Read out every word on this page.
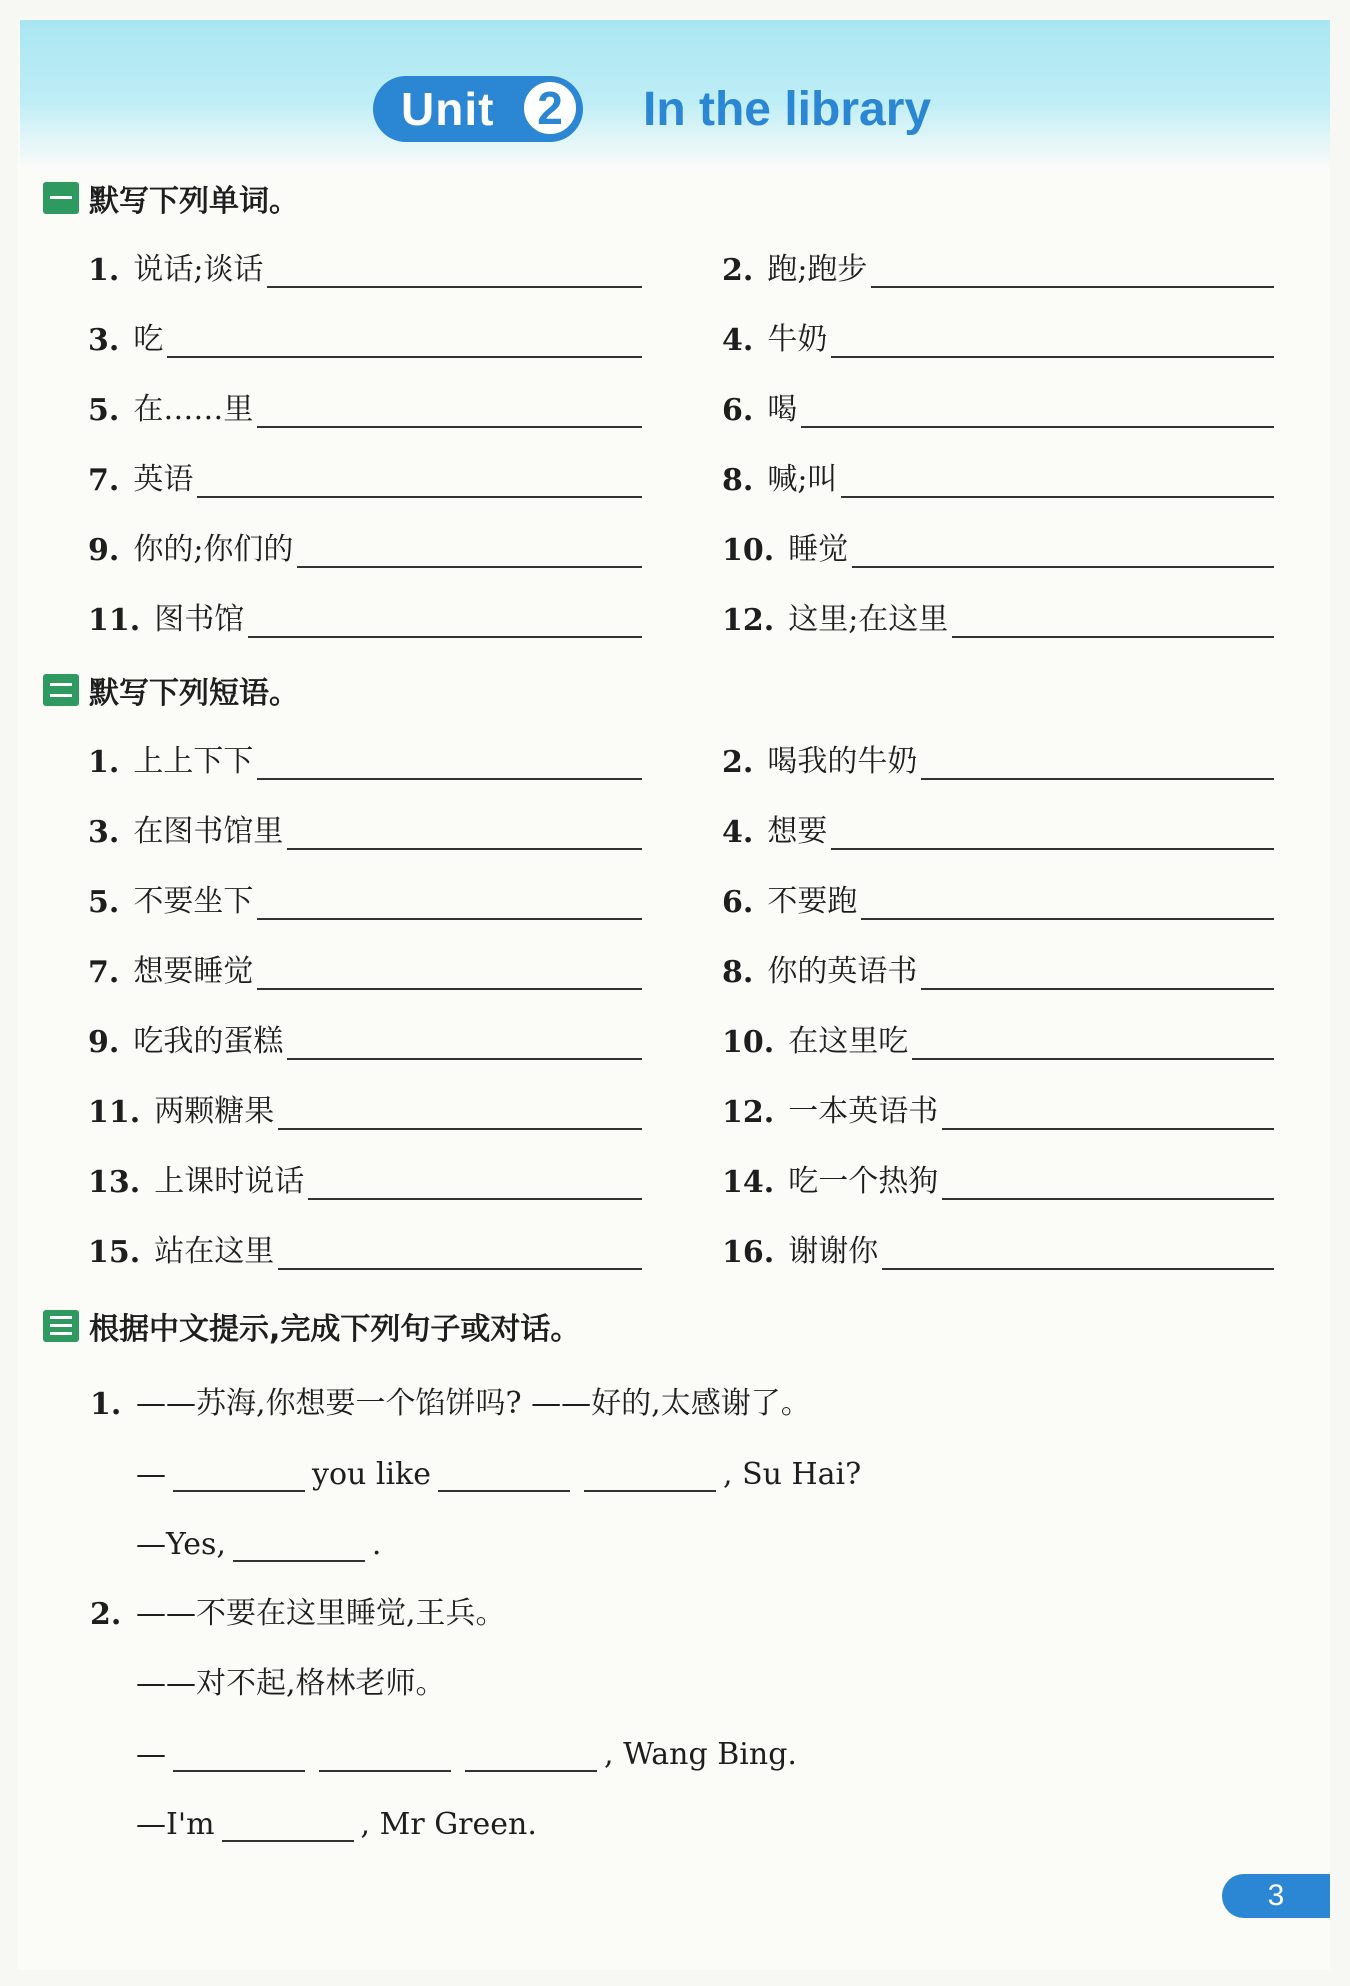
Unit 2	In the library
默写下列单词。
1. 说话;谈话	2. 跑;跑步
3. 吃	4. 牛奶
5. 在……里	6. 喝
7. 英语	8. 喊;叫
9. 你的;你们的	10. 睡觉
11. 图书馆	12. 这里;在这里
默写下列短语。
1. 上上下下	2. 喝我的牛奶
3. 在图书馆里	4. 想要
5. 不要坐下	6. 不要跑
7. 想要睡觉	8. 你的英语书
9. 吃我的蛋糕	10. 在这里吃
11. 两颗糖果	12. 一本英语书
13. 上课时说话	14. 吃一个热狗
15. 站在这里	16. 谢谢你
根据中文提示,完成下列句子或对话。
1. ——苏海,你想要一个馅饼吗? ——好的,太感谢了。
—	you like	, Su Hai?
—Yes,	.
2. ——不要在这里睡觉,王兵。
——对不起,格林老师。
—	, Wang Bing.
—I'm	, Mr Green.
3
